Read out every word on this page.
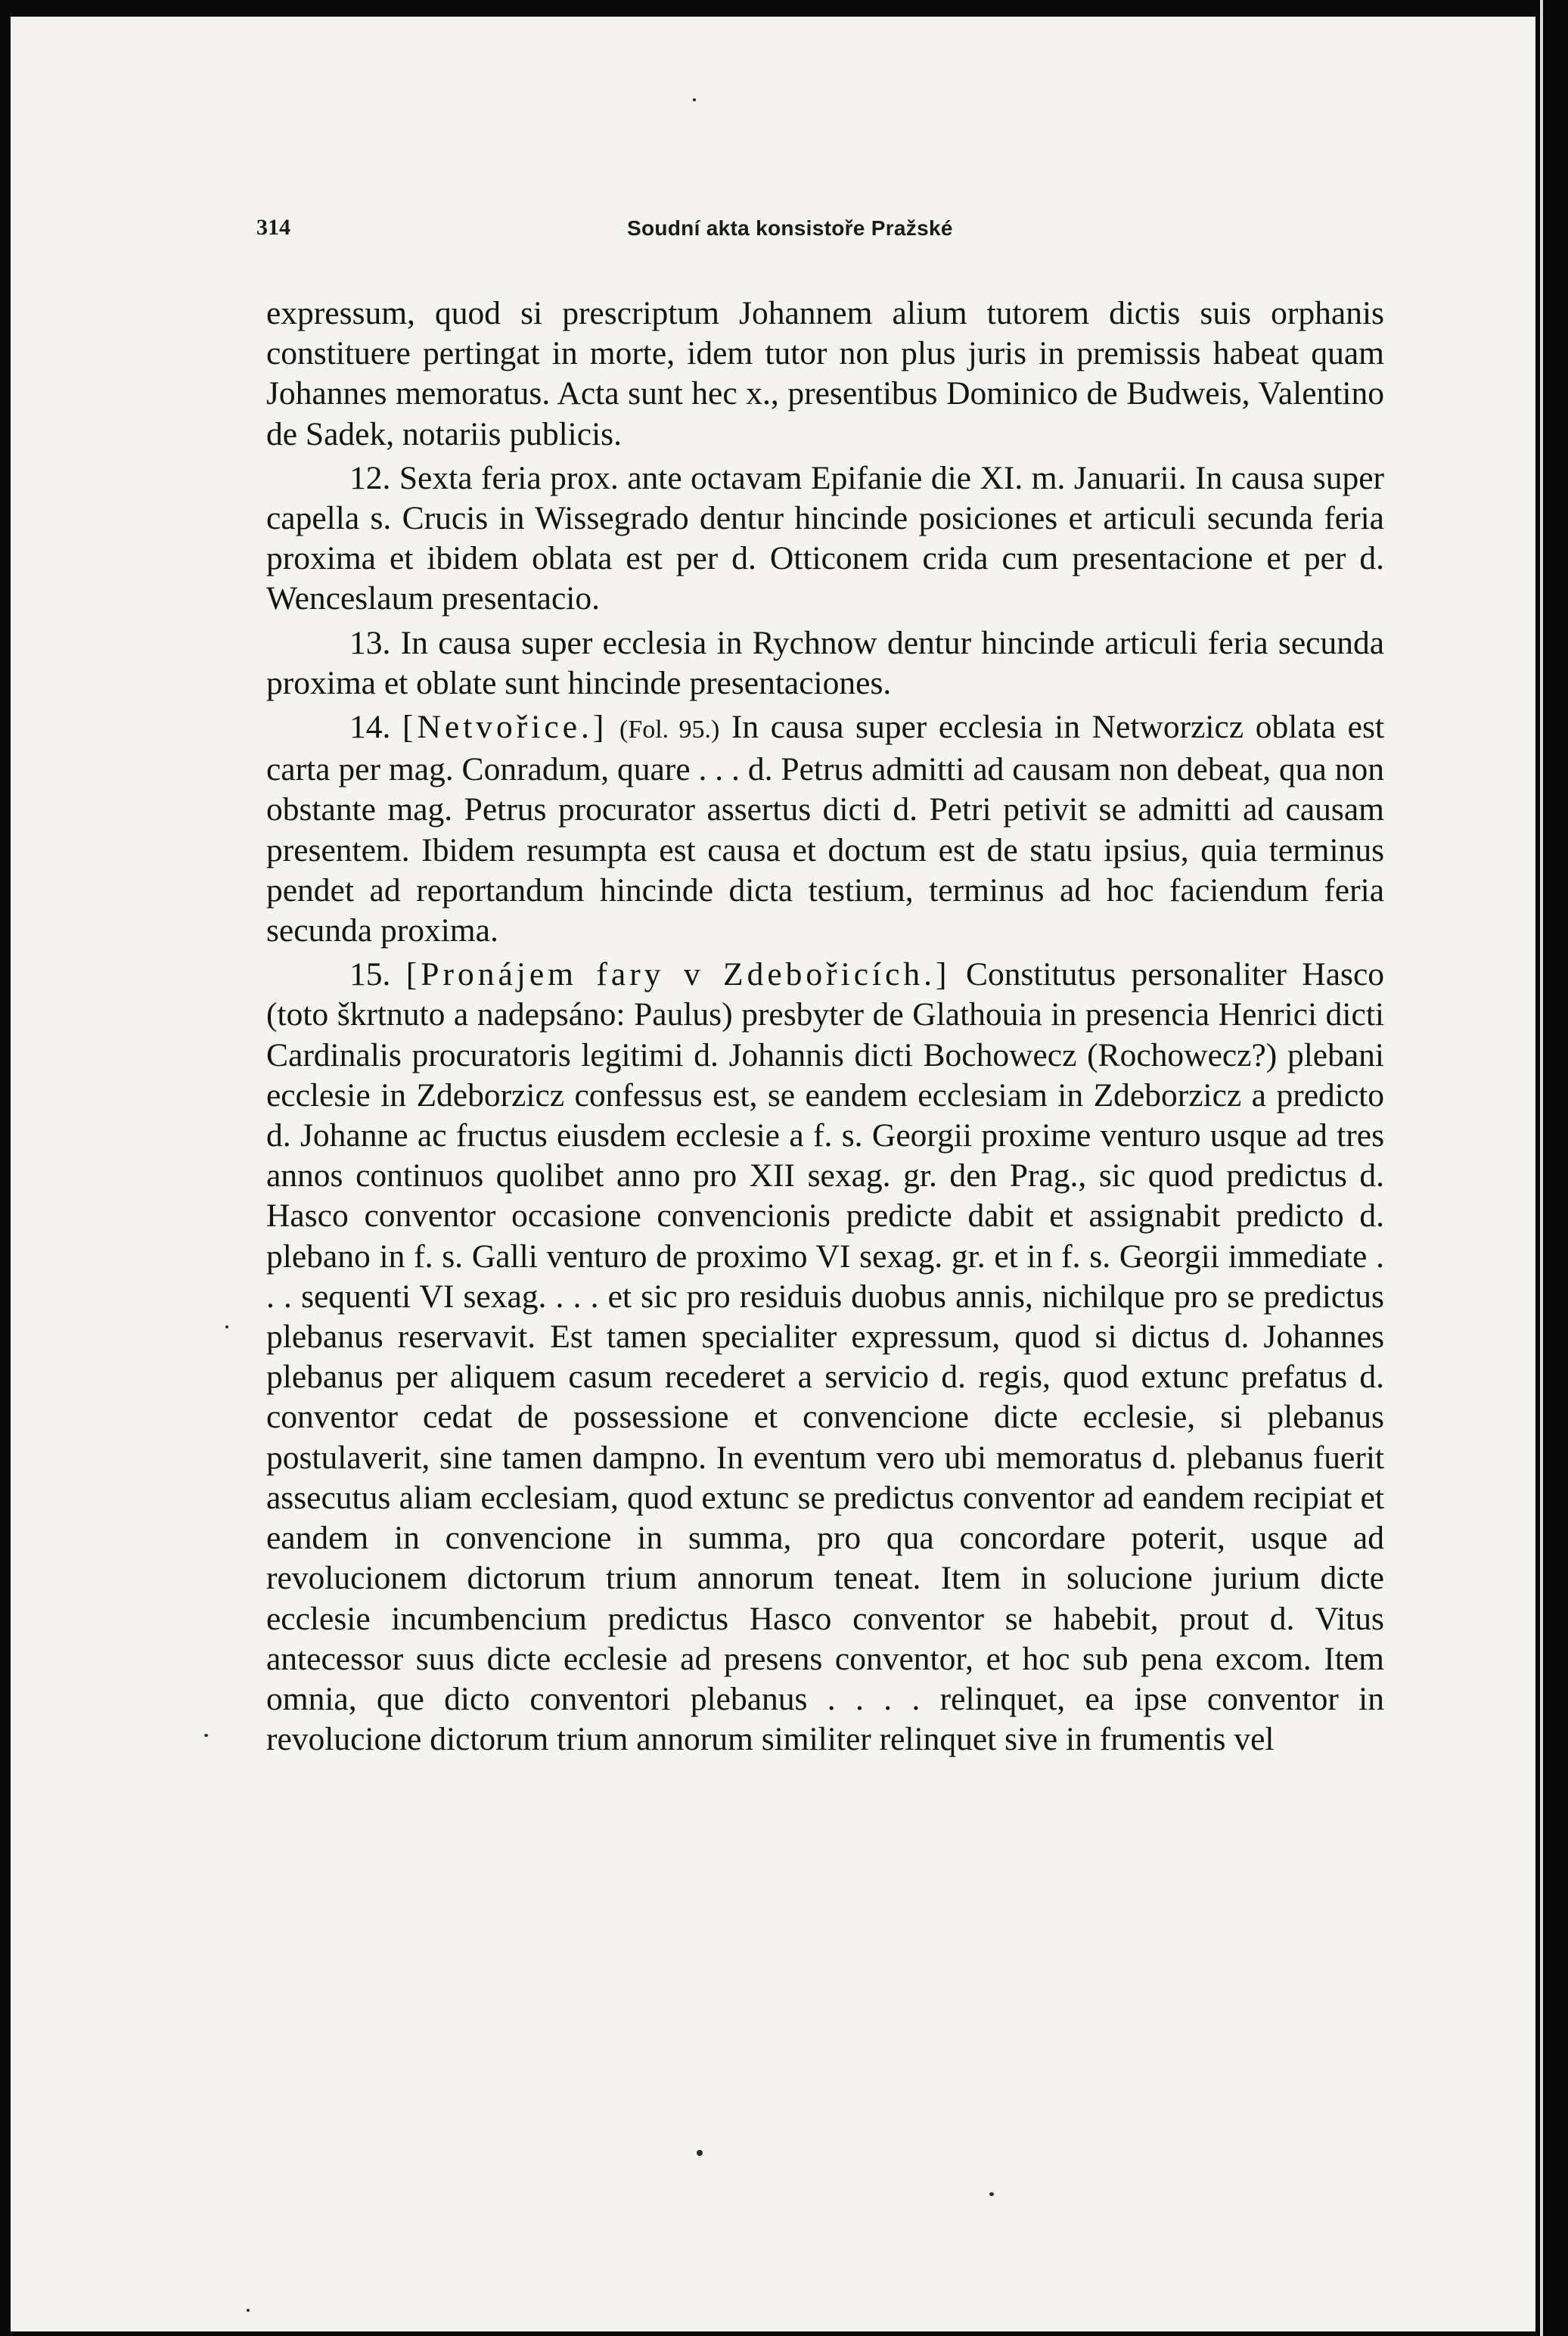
314	Soudní akta konsistoře Pražské

expressum, quod si prescriptum Johannem alium tutorem dictis suis orphanis constituere pertingat in morte, idem tutor non plus juris in premissis habeat quam Johannes memoratus. Acta sunt hec x., presentibus Dominico de Budweis, Valentino de Sadek, notariis publicis.

12. Sexta feria prox. ante octavam Epifanie die XI. m. Januarii. In causa super capella s. Crucis in Wissegrado dentur hincinde posiciones et articuli secunda feria proxima et ibidem oblata est per d. Otticonem crida cum presentacione et per d. Wenceslaum presentacio.

13. In causa super ecclesia in Rychnow dentur hincinde articuli feria secunda proxima et oblate sunt hincinde presentaciones.

14. [Netvořice.] (Fol. 95.) In causa super ecclesia in Networzicz oblata est carta per mag. Conradum, quare . . . d. Petrus admitti ad causam non debeat, qua non obstante mag. Petrus procurator assertus dicti d. Petri petivit se admitti ad causam presentem. Ibidem resumpta est causa et doctum est de statu ipsius, quia terminus pendet ad reportandum hincinde dicta testium, terminus ad hoc faciendum feria secunda proxima.

15. [Pronájem fary v Zdebořicích.] Constitutus personaliter Hasco (toto škrtnuto a nadepsáno: Paulus) presbyter de Glathouia in presencia Henrici dicti Cardinalis procuratoris legitimi d. Johannis dicti Bochowecz (Rochowecz?) plebani ecclesie in Zdeborzicz confessus est, se eandem ecclesiam in Zdeborzicz a predicto d. Johanne ac fructus eiusdem ecclesie a f. s. Georgii proxime venturo usque ad tres annos continuos quolibet anno pro XII sexag. gr. den Prag., sic quod predictus d. Hasco conventor occasione convencionis predicte dabit et assignabit predicto d. plebano in f. s. Galli venturo de proximo VI sexag. gr. et in f. s. Georgii immediate . . . sequenti VI sexag. . . . et sic pro residuis duobus annis, nichilque pro se predictus plebanus reservavit. Est tamen specialiter expressum, quod si dictus d. Johannes plebanus per aliquem casum recederet a servicio d. regis, quod extunc prefatus d. conventor cedat de possessione et convencione dicte ecclesie, si plebanus postulaverit, sine tamen dampno. In eventum vero ubi memoratus d. plebanus fuerit assecutus aliam ecclesiam, quod extunc se predictus conventor ad eandem recipiat et eandem in convencione in summa, pro qua concordare poterit, usque ad revolucionem dictorum trium annorum teneat. Item in solucione jurium dicte ecclesie incumbencium predictus Hasco conventor se habebit, prout d. Vitus antecessor suus dicte ecclesie ad presens conventor, et hoc sub pena excom. Item omnia, que dicto conventori plebanus . . . . relinquet, ea ipse conventor in revolucione dictorum trium annorum similiter relinquet sive in frumentis vel
